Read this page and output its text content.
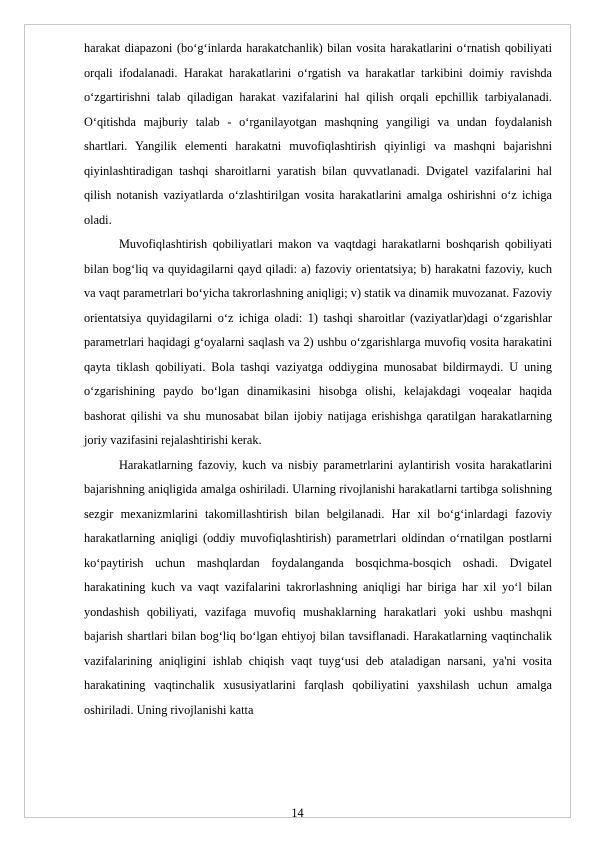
harakat diapazoni (bo‘g‘inlarda harakatchanlik) bilan vosita harakatlarini o‘rnatish qobiliyati orqali ifodalanadi. Harakat harakatlarini o‘rgatish va harakatlar tarkibini doimiy ravishda o‘zgartirishni talab qiladigan harakat vazifalarini hal qilish orqali epchillik tarbiyalanadi. O‘qitishda majburiy talab - o‘rganilayotgan mashqning yangiligi va undan foydalanish shartlari. Yangilik elementi harakatni muvofiqlashtirish qiyinligi va mashqni bajarishni qiyinlashtiradigan tashqi sharoitlarni yaratish bilan quvvatlanadi. Dvigatel vazifalarini hal qilish notanish vaziyatlarda o‘zlashtirilgan vosita harakatlarini amalga oshirishni o‘z ichiga oladi.

Muvofiqlashtirish qobiliyatlari makon va vaqtdagi harakatlarni boshqarish qobiliyati bilan bog‘liq va quyidagilarni qayd qiladi: a) fazoviy orientatsiya; b) harakatni fazoviy, kuch va vaqt parametrlari bo‘yicha takrorlashning aniqligi; v) statik va dinamik muvozanat. Fazoviy orientatsiya quyidagilarni o‘z ichiga oladi: 1) tashqi sharoitlar (vaziyatlar)dagi o‘zgarishlar parametrlari haqidagi g‘oyalarni saqlash va 2) ushbu o‘zgarishlarga muvofiq vosita harakatini qayta tiklash qobiliyati. Bola tashqi vaziyatga oddiygina munosabat bildirmaydi. U uning o‘zgarishining paydo bo‘lgan dinamikasini hisobga olishi, kelajakdagi voqealar haqida bashorat qilishi va shu munosabat bilan ijobiy natijaga erishishga qaratilgan harakatlarning joriy vazifasini rejalashtirishi kerak.

Harakatlarning fazoviy, kuch va nisbiy parametrlarini aylantirish vosita harakatlarini bajarishning aniqligida amalga oshiriladi. Ularning rivojlanishi harakatlarni tartibga solishning sezgir mexanizmlarini takomillashtirish bilan belgilanadi. Har xil bo‘g‘inlardagi fazoviy harakatlarning aniqligi (oddiy muvofiqlashtirish) parametrlari oldindan o‘rnatilgan postlarni ko‘paytirish uchun mashqlardan foydalanganda bosqichma-bosqich oshadi. Dvigatel harakatining kuch va vaqt vazifalarini takrorlashning aniqligi har biriga har xil yo‘l bilan yondashish qobiliyati, vazifaga muvofiq mushaklarning harakatlari yoki ushbu mashqni bajarish shartlari bilan bog‘liq bo‘lgan ehtiyoj bilan tavsiflanadi. Harakatlarning vaqtinchalik vazifalarining aniqligini ishlab chiqish vaqt tuyg‘usi deb ataladigan narsani, ya'ni vosita harakatining vaqtinchalik xususiyatlarini farqlash qobiliyatini yaxshilash uchun amalga oshiriladi. Uning rivojlanishi katta

14
